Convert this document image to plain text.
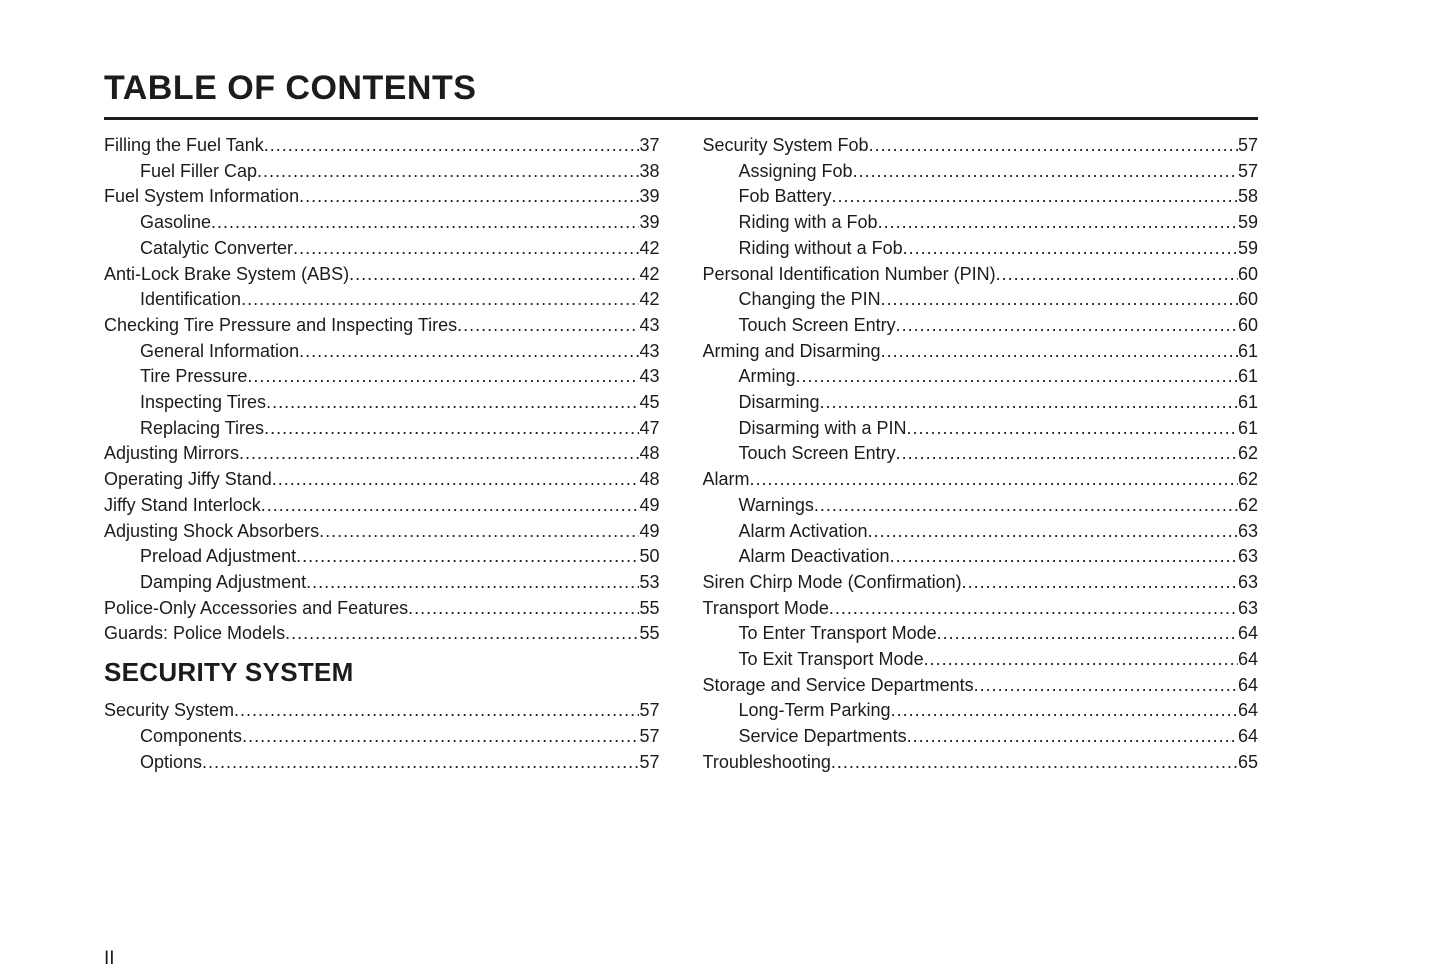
TABLE OF CONTENTS
Filling the Fuel Tank .....	37
Fuel Filler Cap .....	38
Fuel System Information .....	39
Gasoline .....	39
Catalytic Converter .....	42
Anti-Lock Brake System (ABS) .....	42
Identification .....	42
Checking Tire Pressure and Inspecting Tires .....	43
General Information .....	43
Tire Pressure .....	43
Inspecting Tires .....	45
Replacing Tires .....	47
Adjusting Mirrors .....	48
Operating Jiffy Stand .....	48
Jiffy Stand Interlock .....	49
Adjusting Shock Absorbers .....	49
Preload Adjustment .....	50
Damping Adjustment .....	53
Police-Only Accessories and Features .....	55
Guards: Police Models .....	55
SECURITY SYSTEM
Security System .....	57
Components .....	57
Options .....	57
Security System Fob .....	57
Assigning Fob .....	57
Fob Battery .....	58
Riding with a Fob .....	59
Riding without a Fob .....	59
Personal Identification Number (PIN) .....	60
Changing the PIN .....	60
Touch Screen Entry .....	60
Arming and Disarming .....	61
Arming .....	61
Disarming .....	61
Disarming with a PIN .....	61
Touch Screen Entry .....	62
Alarm .....	62
Warnings .....	62
Alarm Activation .....	63
Alarm Deactivation .....	63
Siren Chirp Mode (Confirmation) .....	63
Transport Mode .....	63
To Enter Transport Mode .....	64
To Exit Transport Mode .....	64
Storage and Service Departments .....	64
Long-Term Parking .....	64
Service Departments .....	64
Troubleshooting .....	65
II
